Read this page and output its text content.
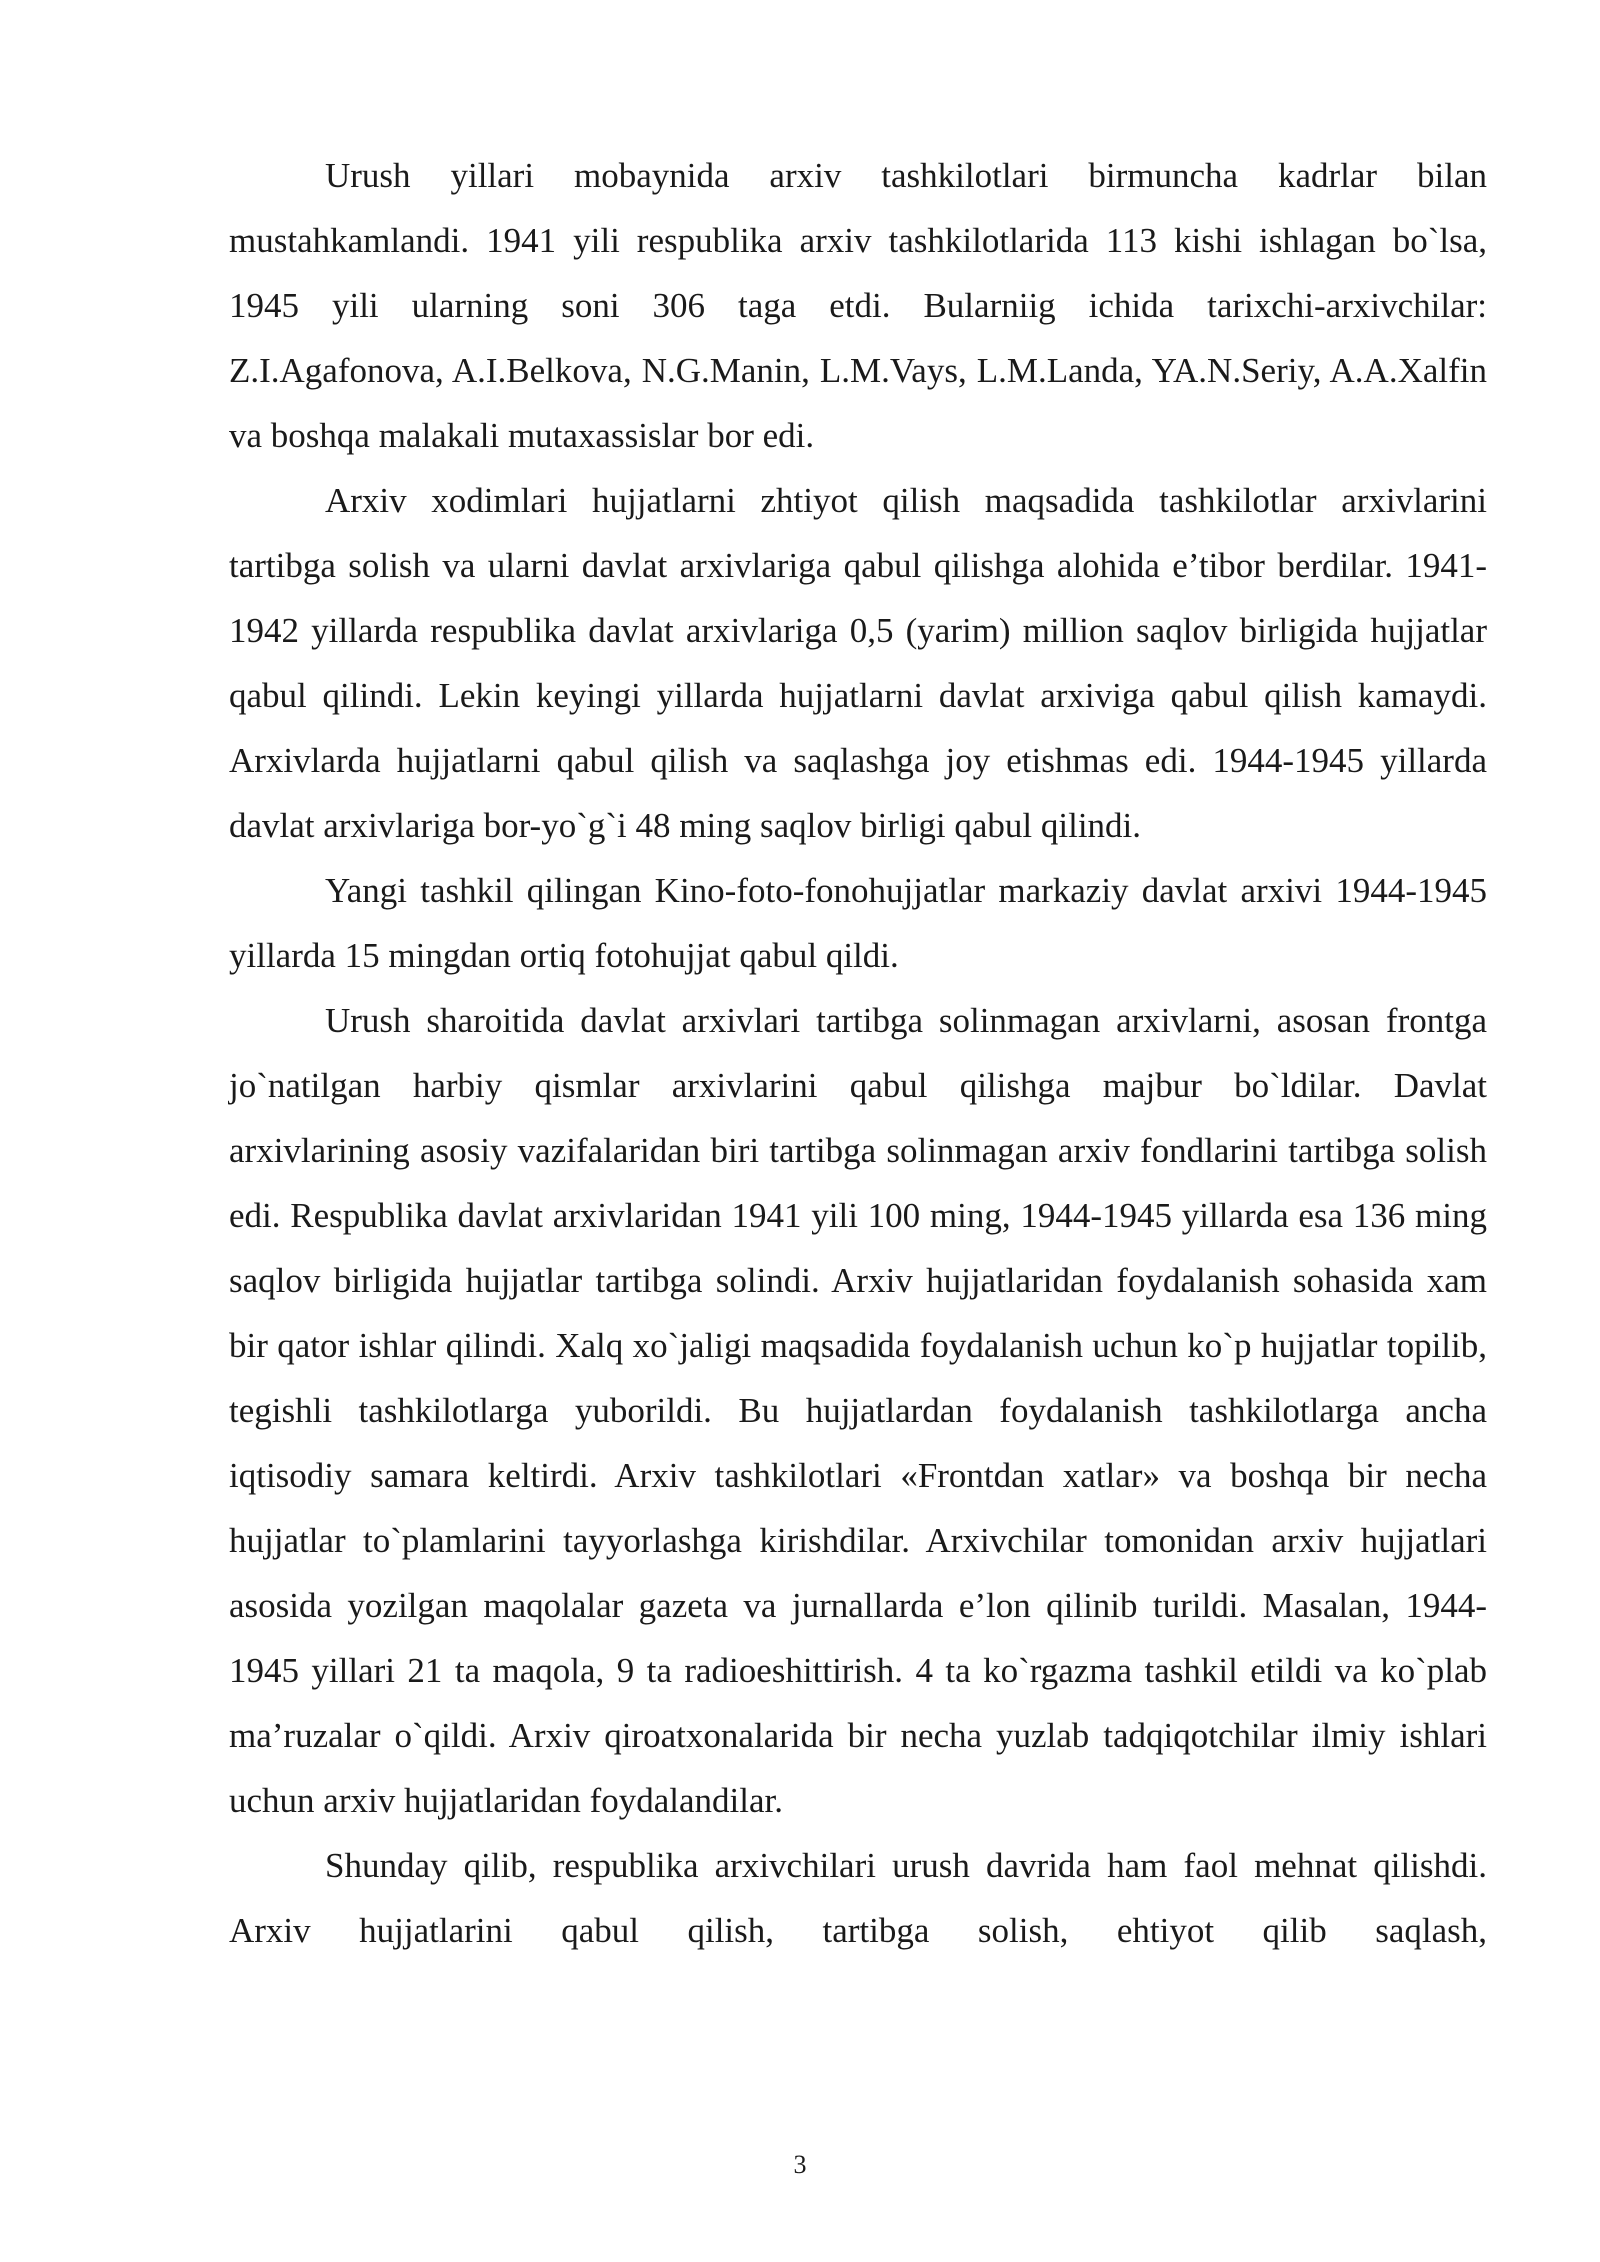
Urush yillari mobaynida arxiv tashkilotlari birmuncha kadrlar bilan mustahkamlandi. 1941 yili respublika arxiv tashkilotlarida 113 kishi ishlagan bo`lsa, 1945 yili ularning soni 306 taga etdi. Bularniig ichida tarixchi-arxivchilar: Z.I.Agafonova, A.I.Belkova, N.G.Manin, L.M.Vays, L.M.Landa, YA.N.Seriy, A.A.Xalfin va boshqa malakali mutaxassislar bor edi.

Arxiv xodimlari hujjatlarni zhtiyot qilish maqsadida tashkilotlar arxivlarini tartibga solish va ularni davlat arxivlariga qabul qilishga alohida e’tibor berdilar. 1941-1942 yillarda respublika davlat arxivlariga 0,5 (yarim) million saqlov birligida hujjatlar qabul qilindi. Lekin keyingi yillarda hujjatlarni davlat arxiviga qabul qilish kamaydi. Arxivlarda hujjatlarni qabul qilish va saqlashga joy etishmas edi. 1944-1945 yillarda davlat arxivlariga bor-yo`g`i 48 ming saqlov birligi qabul qilindi.

Yangi tashkil qilingan Kino-foto-fonohujjatlar markaziy davlat arxivi 1944-1945 yillarda 15 mingdan ortiq fotohujjat qabul qildi.

Urush sharoitida davlat arxivlari tartibga solinmagan arxivlarni, asosan frontga jo`natilgan harbiy qismlar arxivlarini qabul qilishga majbur bo`ldilar. Davlat arxivlarining asosiy vazifalaridan biri tartibga solinmagan arxiv fondlarini tartibga solish edi. Respublika davlat arxivlaridan 1941 yili 100 ming, 1944-1945 yillarda esa 136 ming saqlov birligida hujjatlar tartibga solindi. Arxiv hujjatlaridan foydalanish sohasida xam bir qator ishlar qilindi. Xalq xo`jaligi maqsadida foydalanish uchun ko`p hujjatlar topilib, tegishli tashkilotlarga yuborildi. Bu hujjatlardan foydalanish tashkilotlarga ancha iqtisodiy samara keltirdi. Arxiv tashkilotlari «Frontdan xatlar» va boshqa bir necha hujjatlar to`plamlarini tayyorlashga kirishdilar. Arxivchilar tomonidan arxiv hujjatlari asosida yozilgan maqolalar gazeta va jurnallarda e’lon qilinib turildi. Masalan, 1944-1945 yillari 21 ta maqola, 9 ta radioeshittirish. 4 ta ko`rgazma tashkil etildi va ko`plab ma’ruzalar o`qildi. Arxiv qiroatxonalarida bir necha yuzlab tadqiqotchilar ilmiy ishlari uchun arxiv hujjatlaridan foydalandilar.

Shunday qilib, respublika arxivchilari urush davrida ham faol mehnat qilishdi. Arxiv hujjatlarini qabul qilish, tartibga solish, ehtiyot qilib saqlash,

3
